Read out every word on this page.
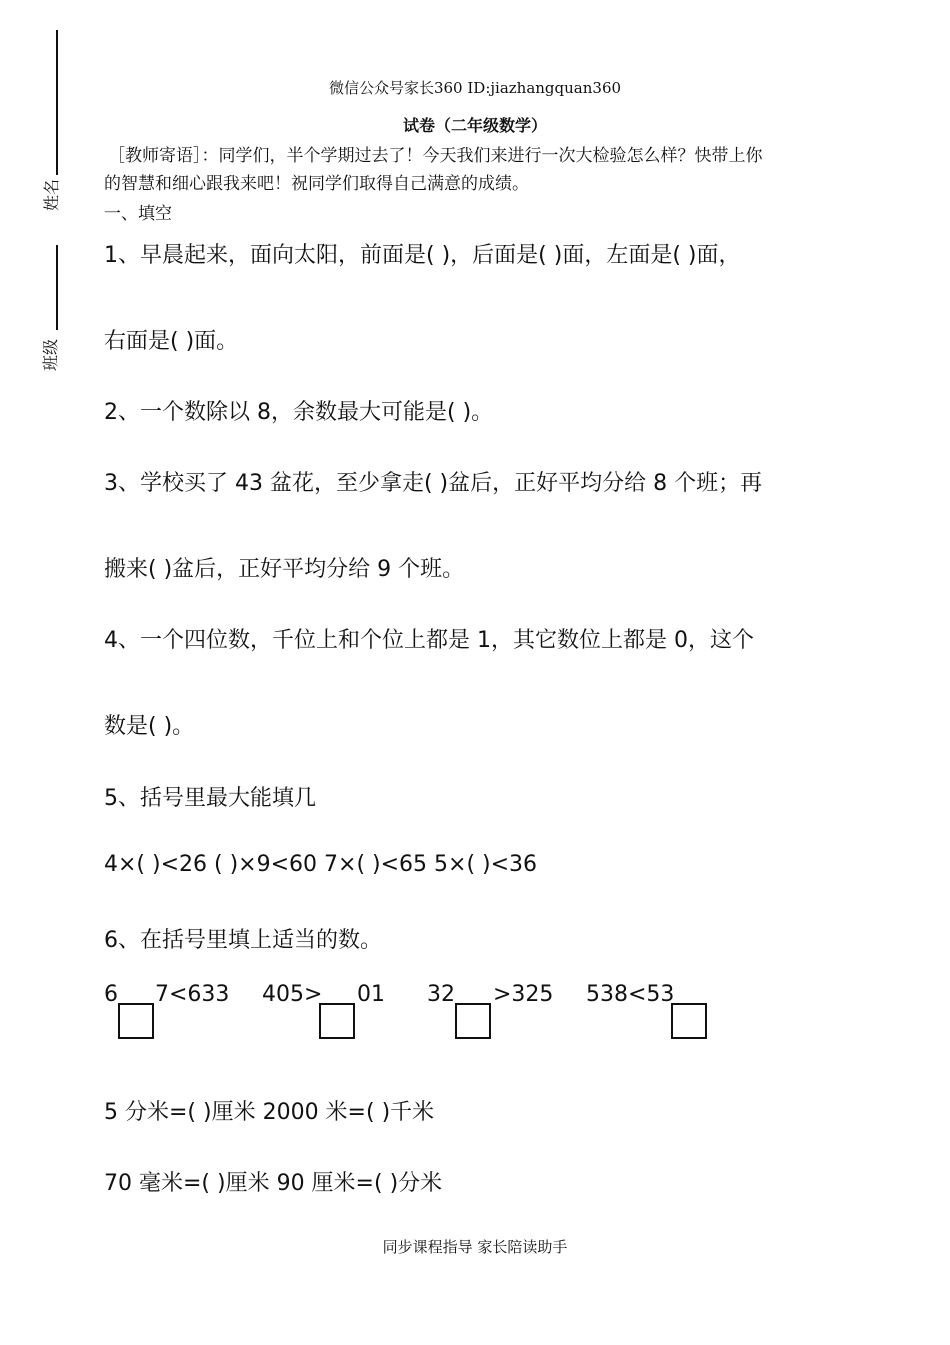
姓名
班级
微信公众号家长360 ID:jiazhangquan360
试卷（二年级数学）
［教师寄语］：同学们，半个学期过去了！今天我们来进行一次大检验怎么样？快带上你
的智慧和细心跟我来吧！祝同学们取得自己满意的成绩。
一、填空
1、早晨起来，面向太阳，前面是( )，后面是( )面，左面是( )面，
右面是( )面。
2、一个数除以 8，余数最大可能是( )。
3、学校买了 43 盆花，至少拿走( )盆后，正好平均分给 8 个班；再
搬来( )盆后，正好平均分给 9 个班。
4、一个四位数，千位上和个位上都是 1，其它数位上都是 0，这个
数是( )。
5、括号里最大能填几
4×( )<26 ( )×9<60 7×( )<65 5×( )<36
6、在括号里填上适当的数。
6 7<633 405> 01 32 >325 538<53
5 分米=( )厘米 2000 米=( )千米
70 毫米=( )厘米 90 厘米=( )分米
同步课程指导 家长陪读助手
